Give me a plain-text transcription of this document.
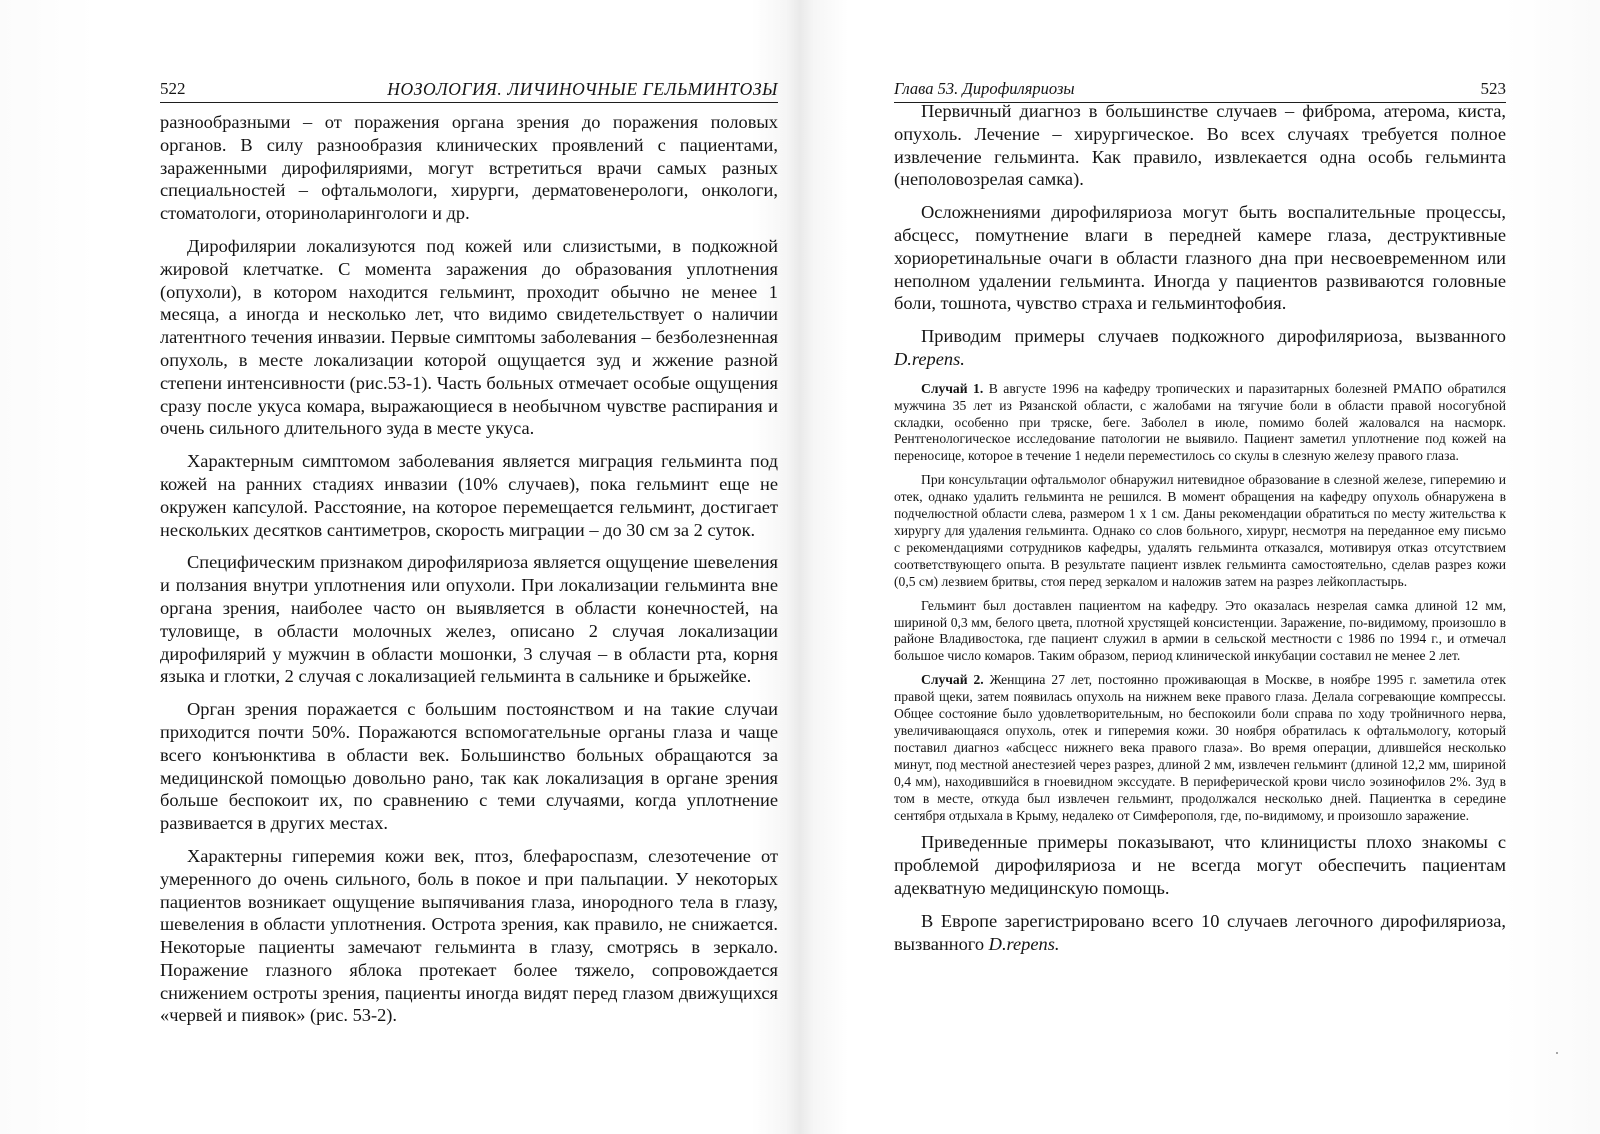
522	НОЗОЛОГИЯ. ЛИЧИНОЧНЫЕ ГЕЛЬМИНТОЗЫ

разнообразными – от поражения органа зрения до поражения половых органов. В силу разнообразия клинических проявлений с пациентами, зараженными дирофиляриями, могут встретиться врачи самых разных специальностей – офтальмологи, хирурги, дерматовенерологи, онкологи, стоматологи, оториноларингологи и др.

Дирофилярии локализуются под кожей или слизистыми, в подкожной жировой клетчатке. С момента заражения до образования уплотнения (опухоли), в котором находится гельминт, проходит обычно не менее 1 месяца, а иногда и несколько лет, что видимо свидетельствует о наличии латентного течения инвазии. Первые симптомы заболевания – безболезненная опухоль, в месте локализации которой ощущается зуд и жжение разной степени интенсивности (рис.53-1). Часть больных отмечает особые ощущения сразу после укуса комара, выражающиеся в необычном чувстве распирания и очень сильного длительного зуда в месте укуса.

Характерным симптомом заболевания является миграция гельминта под кожей на ранних стадиях инвазии (10% случаев), пока гельминт еще не окружен капсулой. Расстояние, на которое перемещается гельминт, достигает нескольких десятков сантиметров, скорость миграции – до 30 см за 2 суток.

Специфическим признаком дирофиляриоза является ощущение шевеления и ползания внутри уплотнения или опухоли. При локализации гельминта вне органа зрения, наиболее часто он выявляется в области конечностей, на туловище, в области молочных желез, описано 2 случая локализации дирофилярий у мужчин в области мошонки, 3 случая – в области рта, корня языка и глотки, 2 случая с локализацией гельминта в сальнике и брыжейке.

Орган зрения поражается с большим постоянством и на такие случаи приходится почти 50%. Поражаются вспомогательные органы глаза и чаще всего конъюнктива в области век. Большинство больных обращаются за медицинской помощью довольно рано, так как локализация в органе зрения больше беспокоит их, по сравнению с теми случаями, когда уплотнение развивается в других местах.

Характерны гиперемия кожи век, птоз, блефароспазм, слезотечение от умеренного до очень сильного, боль в покое и при пальпации. У некоторых пациентов возникает ощущение выпячивания глаза, инородного тела в глазу, шевеления в области уплотнения. Острота зрения, как правило, не снижается. Некоторые пациенты замечают гельминта в глазу, смотрясь в зеркало. Поражение глазного яблока протекает более тяжело, сопровождается снижением остроты зрения, пациенты иногда видят перед глазом движущихся «червей и пиявок» (рис. 53-2).

Глава 53. Дирофиляриозы	523

Первичный диагноз в большинстве случаев – фиброма, атерома, киста, опухоль. Лечение – хирургическое. Во всех случаях требуется полное извлечение гельминта. Как правило, извлекается одна особь гельминта (неполовозрелая самка).

Осложнениями дирофиляриоза могут быть воспалительные процессы, абсцесс, помутнение влаги в передней камере глаза, деструктивные хориоретинальные очаги в области глазного дна при несвоевременном или неполном удалении гельминта. Иногда у пациентов развиваются головные боли, тошнота, чувство страха и гельминтофобия.

Приводим примеры случаев подкожного дирофиляриоза, вызванного D.repens.

Случай 1. В августе 1996 на кафедру тропических и паразитарных болезней РМАПО обратился мужчина 35 лет из Рязанской области, с жалобами на тягучие боли в области правой носогубной складки, особенно при тряске, беге. Заболел в июле, помимо болей жаловался на насморк. Рентгенологическое исследование патологии не выявило. Пациент заметил уплотнение под кожей на переносице, которое в течение 1 недели переместилось со скулы в слезную железу правого глаза.

При консультации офтальмолог обнаружил нитевидное образование в слезной железе, гиперемию и отек, однако удалить гельминта не решился. В момент обращения на кафедру опухоль обнаружена в подчелюстной области слева, размером 1 х 1 см. Даны рекомендации обратиться по месту жительства к хирургу для удаления гельминта. Однако со слов больного, хирург, несмотря на переданное ему письмо с рекомендациями сотрудников кафедры, удалять гельминта отказался, мотивируя отказ отсутствием соответствующего опыта. В результате пациент извлек гельминта самостоятельно, сделав разрез кожи (0,5 см) лезвием бритвы, стоя перед зеркалом и наложив затем на разрез лейкопластырь.

Гельминт был доставлен пациентом на кафедру. Это оказалась незрелая самка длиной 12 мм, шириной 0,3 мм, белого цвета, плотной хрустящей консистенции. Заражение, по-видимому, произошло в районе Владивостока, где пациент служил в армии в сельской местности с 1986 по 1994 г., и отмечал большое число комаров. Таким образом, период клинической инкубации составил не менее 2 лет.

Случай 2. Женщина 27 лет, постоянно проживающая в Москве, в ноябре 1995 г. заметила отек правой щеки, затем появилась опухоль на нижнем веке правого глаза. Делала согревающие компрессы. Общее состояние было удовлетворительным, но беспокоили боли справа по ходу тройничного нерва, увеличивающаяся опухоль, отек и гиперемия кожи. 30 ноября обратилась к офтальмологу, который поставил диагноз «абсцесс нижнего века правого глаза». Во время операции, длившейся несколько минут, под местной анестезией через разрез, длиной 2 мм, извлечен гельминт (длиной 12,2 мм, шириной 0,4 мм), находившийся в гноевидном экссудате. В периферической крови число эозинофилов 2%. Зуд в том в месте, откуда был извлечен гельминт, продолжался несколько дней. Пациентка в середине сентября отдыхала в Крыму, недалеко от Симферополя, где, по-видимому, и произошло заражение.

Приведенные примеры показывают, что клиницисты плохо знакомы с проблемой дирофиляриоза и не всегда могут обеспечить пациентам адекватную медицинскую помощь.

В Европе зарегистрировано всего 10 случаев легочного дирофиляриоза, вызванного D.repens.
